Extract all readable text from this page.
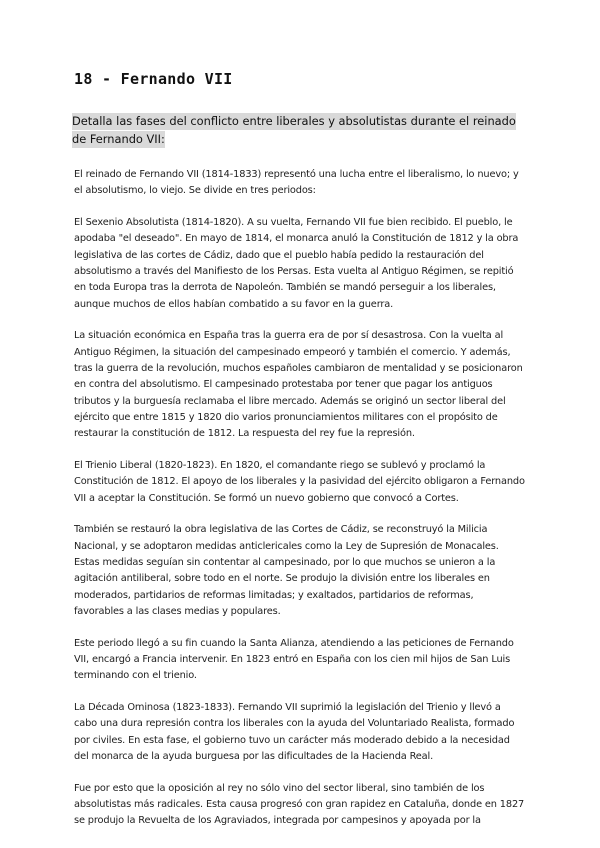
18 - Fernando VII
Detalla las fases del conflicto entre liberales y absolutistas durante el reinado de Fernando VII:

El reinado de Fernando VII (1814-1833) representó una lucha entre el liberalismo, lo nuevo; y el absolutismo, lo viejo. Se divide en tres periodos:

El Sexenio Absolutista (1814-1820). A su vuelta, Fernando VII fue bien recibido. El pueblo, le apodaba "el deseado". En mayo de 1814, el monarca anuló la Constitución de 1812 y la obra legislativa de las cortes de Cádiz, dado que el pueblo había pedido la restauración del absolutismo a través del Manifiesto de los Persas. Esta vuelta al Antiguo Régimen, se repitió en toda Europa tras la derrota de Napoleón. También se mandó perseguir a los liberales, aunque muchos de ellos habían combatido a su favor en la guerra.

La situación económica en España tras la guerra era de por sí desastrosa. Con la vuelta al Antiguo Régimen, la situación del campesinado empeoró y también el comercio. Y además, tras la guerra de la revolución, muchos españoles cambiaron de mentalidad y se posicionaron en contra del absolutismo. El campesinado protestaba por tener que pagar los antiguos tributos y la burguesía reclamaba el libre mercado. Además se originó un sector liberal del ejército que entre 1815 y 1820 dio varios pronunciamientos militares con el propósito de restaurar la constitución de 1812. La respuesta del rey fue la represión.

El Trienio Liberal (1820-1823). En 1820, el comandante riego se sublevó y proclamó la Constitución de 1812. El apoyo de los liberales y la pasividad del ejército obligaron a Fernando VII a aceptar la Constitución. Se formó un nuevo gobierno que convocó a Cortes.

También se restauró la obra legislativa de las Cortes de Cádiz, se reconstruyó la Milicia Nacional, y se adoptaron medidas anticlericales como la Ley de Supresión de Monacales. Estas medidas seguían sin contentar al campesinado, por lo que muchos se unieron a la agitación antiliberal, sobre todo en el norte. Se produjo la división entre los liberales en moderados, partidarios de reformas limitadas; y exaltados, partidarios de reformas, favorables a las clases medias y populares.

Este periodo llegó a su fin cuando la Santa Alianza, atendiendo a las peticiones de Fernando VII, encargó a Francia intervenir. En 1823 entró en España con los cien mil hijos de San Luis terminando con el trienio.

La Década Ominosa (1823-1833). Fernando VII suprimió la legislación del Trienio y llevó a cabo una dura represión contra los liberales con la ayuda del Voluntariado Realista, formado por civiles. En esta fase, el gobierno tuvo un carácter más moderado debido a la necesidad del monarca de la ayuda burguesa por las dificultades de la Hacienda Real.

Fue por esto que la oposición al rey no sólo vino del sector liberal, sino también de los absolutistas más radicales. Esta causa progresó con gran rapidez en Cataluña, donde en 1827 se produjo la Revuelta de los Agraviados, integrada por campesinos y apoyada por la
